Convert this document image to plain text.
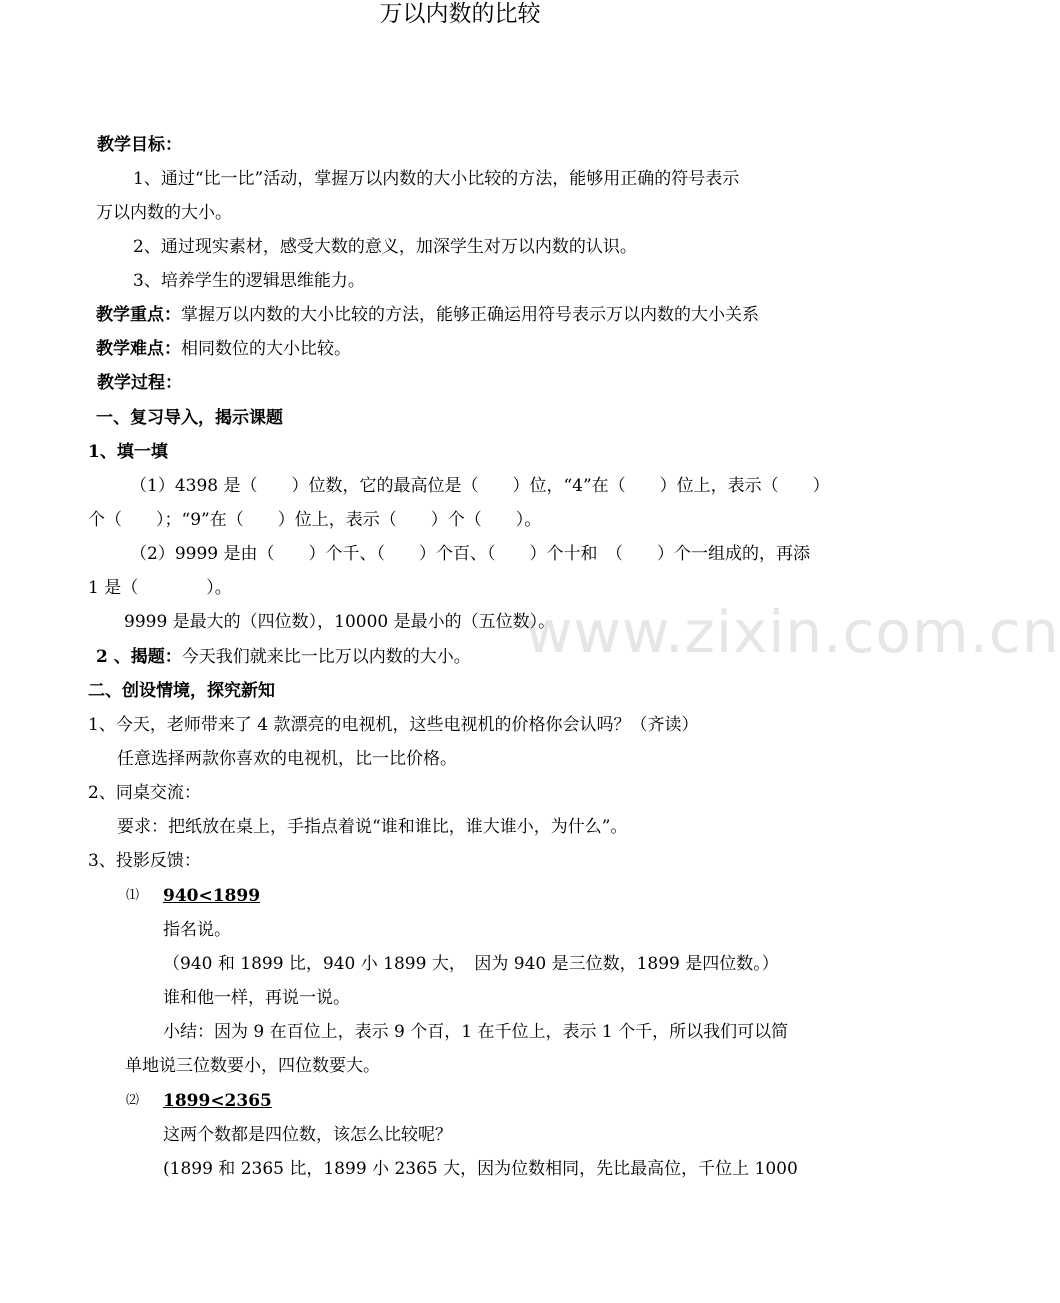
www.zixin.com.cn
万以内数的比较
教学目标：
1、通过“比一比”活动，掌握万以内数的大小比较的方法，能够用正确的符号表示
万以内数的大小。
2、通过现实素材，感受大数的意义，加深学生对万以内数的认识。
3、培养学生的逻辑思维能力。
教学重点：掌握万以内数的大小比较的方法，能够正确运用符号表示万以内数的大小关系
教学难点：相同数位的大小比较。
教学过程：
一、复习导入，揭示课题
1、填一填
（1）4398 是（　　）位数，它的最高位是（　　）位，“4”在（　　）位上，表示（　　）
个（　　）；“9”在（　　）位上，表示（　　）个（　　）。
（2）9999 是由（　　）个千、（　　）个百、（　　）个十和　（　　）个一组成的，再添
1 是（　　　　）。
9999 是最大的（四位数），10000 是最小的（五位数）。
2 、揭题：今天我们就来比一比万以内数的大小。
二、创设情境，探究新知
1、今天，老师带来了 4 款漂亮的电视机，这些电视机的价格你会认吗？（齐读）
任意选择两款你喜欢的电视机，比一比价格。
2、同桌交流：
要求：把纸放在桌上，手指点着说“谁和谁比，谁大谁小，为什么”。
3、投影反馈：
⑴ 940<1899
指名说。
（940 和 1899 比，940 小 1899 大，　因为 940 是三位数，1899 是四位数。）
谁和他一样，再说一说。
小结：因为 9 在百位上，表示 9 个百，1 在千位上，表示 1 个千，所以我们可以简
单地说三位数要小，四位数要大。
⑵ 1899<2365
这两个数都是四位数，该怎么比较呢？
(1899 和 2365 比，1899 小 2365 大，因为位数相同，先比最高位，千位上 1000
